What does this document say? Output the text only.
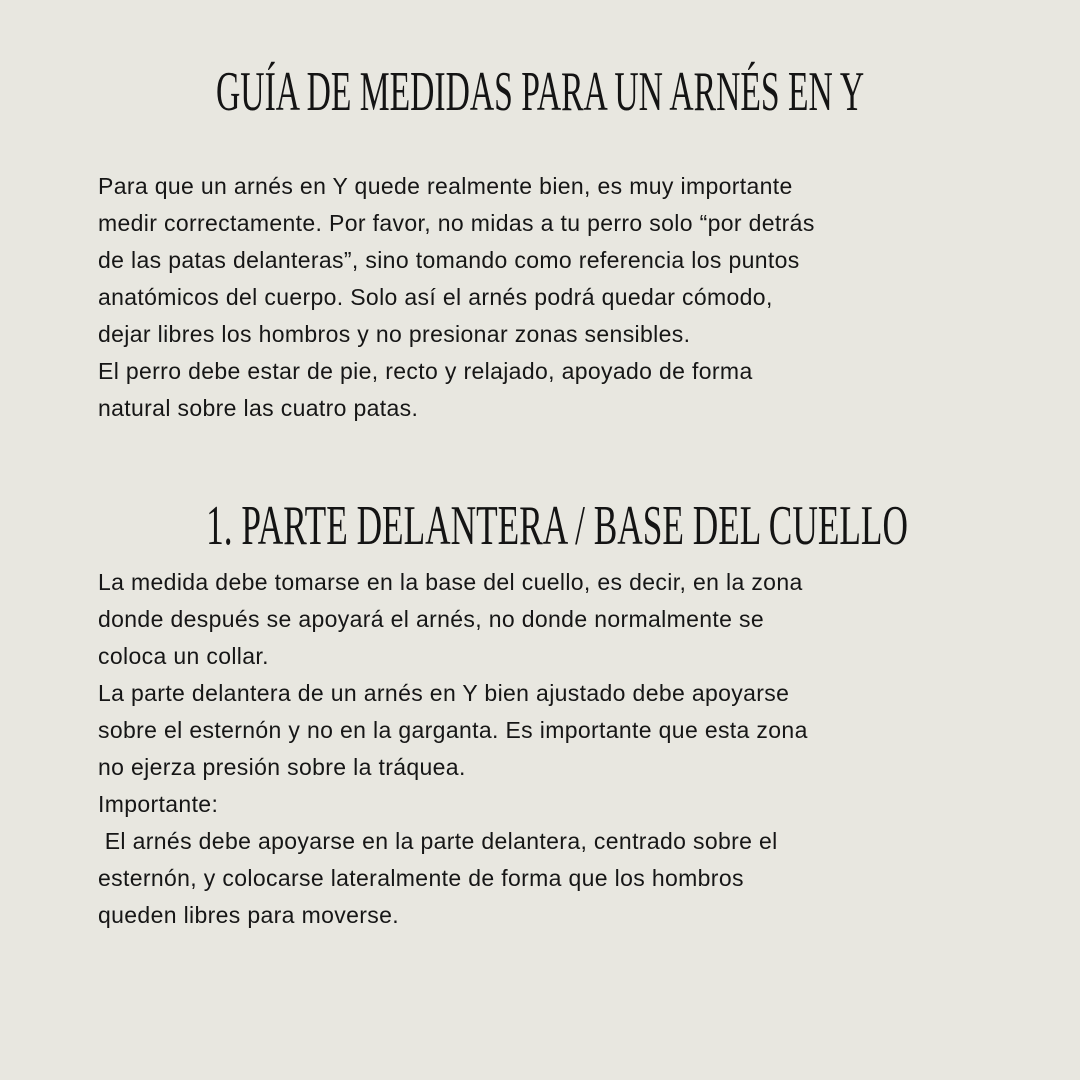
GUÍA DE MEDIDAS PARA UN ARNÉS EN Y

Para que un arnés en Y quede realmente bien, es muy importante

medir correctamente. Por favor, no midas a tu perro solo “por detrás

de las patas delanteras”, sino tomando como referencia los puntos

anatómicos del cuerpo. Solo así el arnés podrá quedar cómodo,

dejar libres los hombros y no presionar zonas sensibles.

El perro debe estar de pie, recto y relajado, apoyado de forma

natural sobre las cuatro patas.

1. PARTE DELANTERA / BASE DEL CUELLO

La medida debe tomarse en la base del cuello, es decir, en la zona

donde después se apoyará el arnés, no donde normalmente se

coloca un collar.

La parte delantera de un arnés en Y bien ajustado debe apoyarse

sobre el esternón y no en la garganta. Es importante que esta zona

no ejerza presión sobre la tráquea.

Importante:

El arnés debe apoyarse en la parte delantera, centrado sobre el

esternón, y colocarse lateralmente de forma que los hombros

queden libres para moverse.
